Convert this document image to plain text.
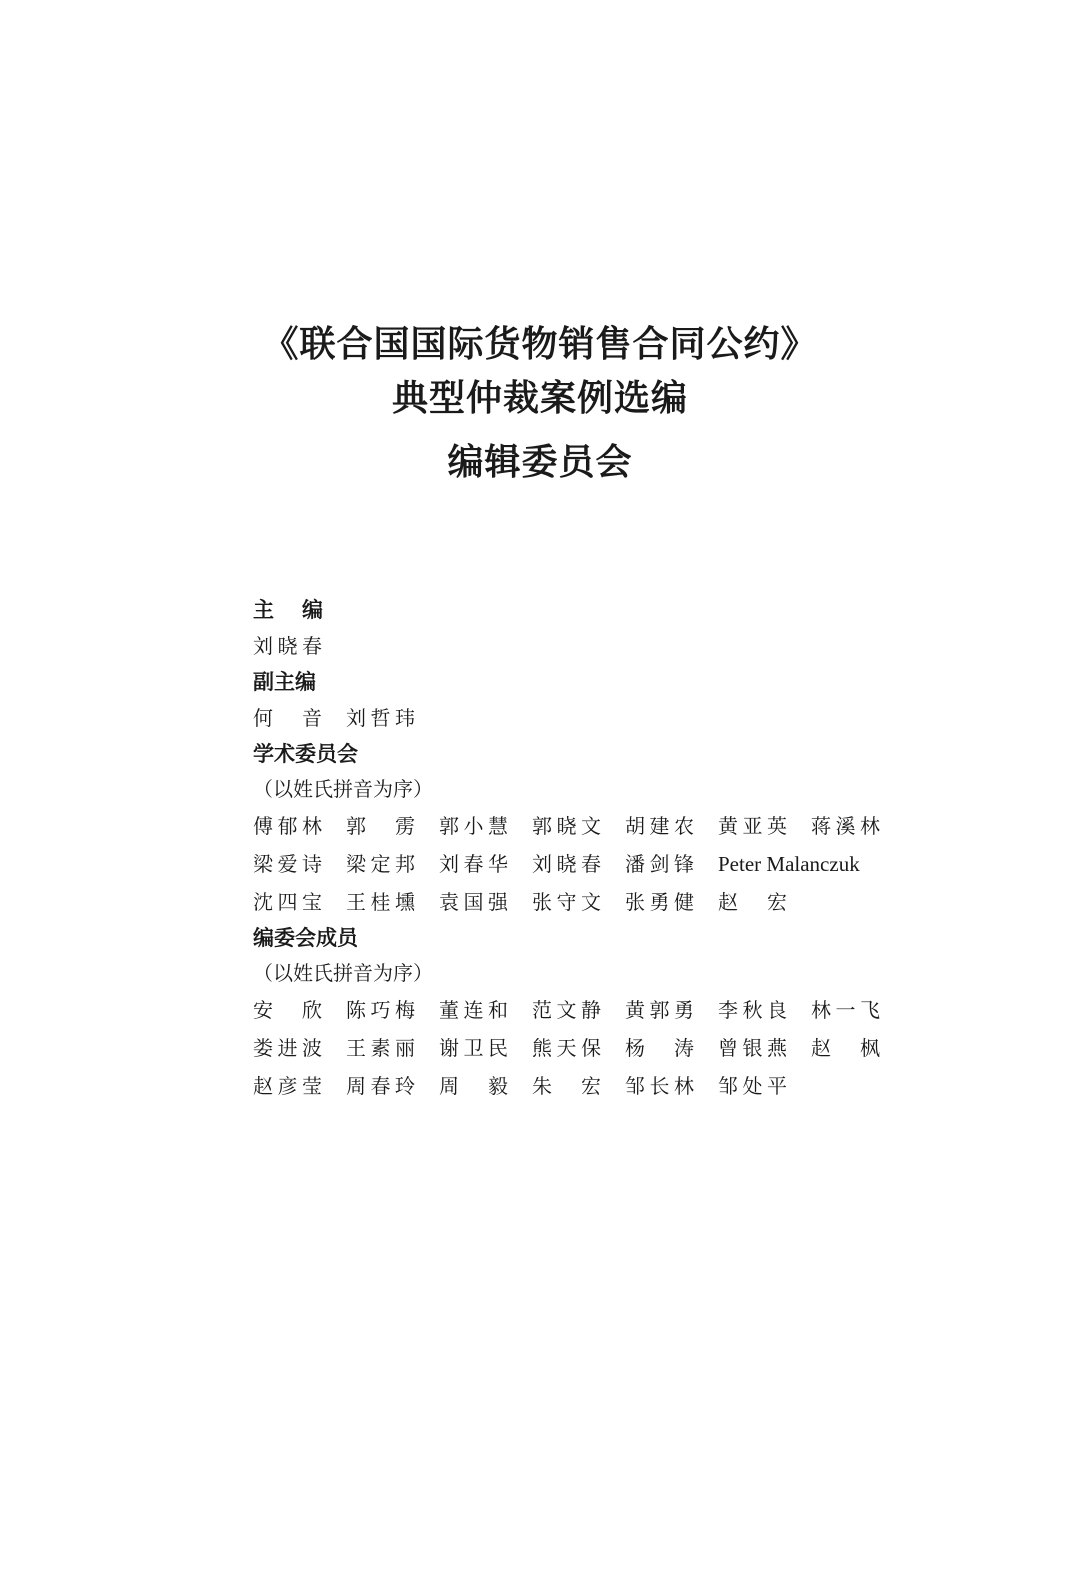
《联合国国际货物销售合同公约》
典型仲裁案例选编
编辑委员会
主编
刘晓春
副主编
何音 刘哲玮
学术委员会
（以姓氏拼音为序）
傅郁林 郭雳 郭小慧 郭晓文 胡建农 黄亚英 蒋溪林
梁爱诗 梁定邦 刘春华 刘晓春 潘剑锋 Peter Malanczuk
沈四宝 王桂壎 袁国强 张守文 张勇健 赵宏
编委会成员
（以姓氏拼音为序）
安欣 陈巧梅 董连和 范文静 黄郭勇 李秋良 林一飞
娄进波 王素丽 谢卫民 熊天保 杨涛 曾银燕 赵枫
赵彦莹 周春玲 周毅 朱宏 邹长林 邹处平
